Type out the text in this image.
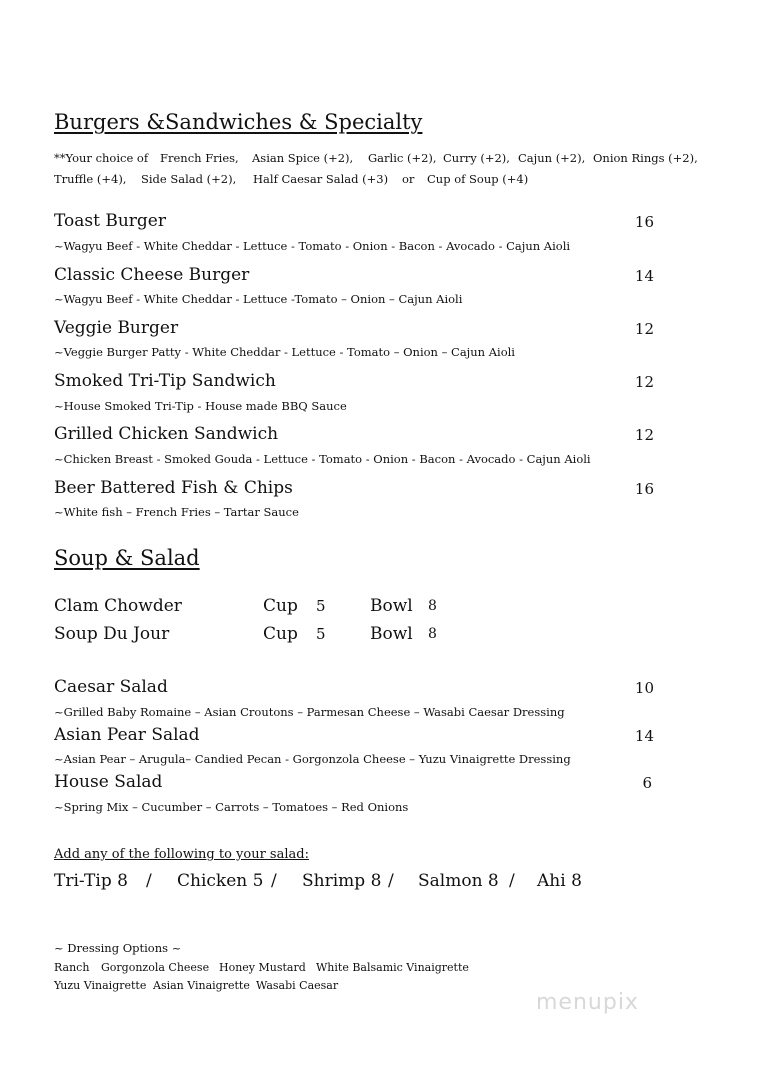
Burgers &Sandwiches & Specialty
**Your choice of French Fries, Asian Spice (+2), Garlic (+2), Curry (+2), Cajun (+2), Onion Rings (+2),
Truffle (+4), Side Salad (+2), Half Caesar Salad (+3) or Cup of Soup (+4)
Toast Burger	16
~Wagyu Beef - White Cheddar - Lettuce - Tomato - Onion - Bacon - Avocado - Cajun Aioli
Classic Cheese Burger	14
~Wagyu Beef - White Cheddar - Lettuce -Tomato – Onion – Cajun Aioli
Veggie Burger	12
~Veggie Burger Patty - White Cheddar - Lettuce - Tomato – Onion – Cajun Aioli
Smoked Tri-Tip Sandwich	12
~House Smoked Tri-Tip - House made BBQ Sauce
Grilled Chicken Sandwich	12
~Chicken Breast - Smoked Gouda - Lettuce - Tomato - Onion - Bacon - Avocado - Cajun Aioli
Beer Battered Fish & Chips	16
~White fish – French Fries – Tartar Sauce
Soup & Salad
Clam Chowder	Cup 5	Bowl 8
Soup Du Jour	Cup 5	Bowl 8
Caesar Salad	10
~Grilled Baby Romaine – Asian Croutons – Parmesan Cheese – Wasabi Caesar Dressing
Asian Pear Salad	14
~Asian Pear – Arugula– Candied Pecan - Gorgonzola Cheese – Yuzu Vinaigrette Dressing
House Salad	6
~Spring Mix – Cucumber – Carrots – Tomatoes – Red Onions
Add any of the following to your salad:
Tri-Tip 8 / Chicken 5 / Shrimp 8 / Salmon 8 / Ahi 8
~ Dressing Options ~
Ranch Gorgonzola Cheese Honey Mustard White Balsamic Vinaigrette
Yuzu Vinaigrette Asian Vinaigrette Wasabi Caesar
menupix
